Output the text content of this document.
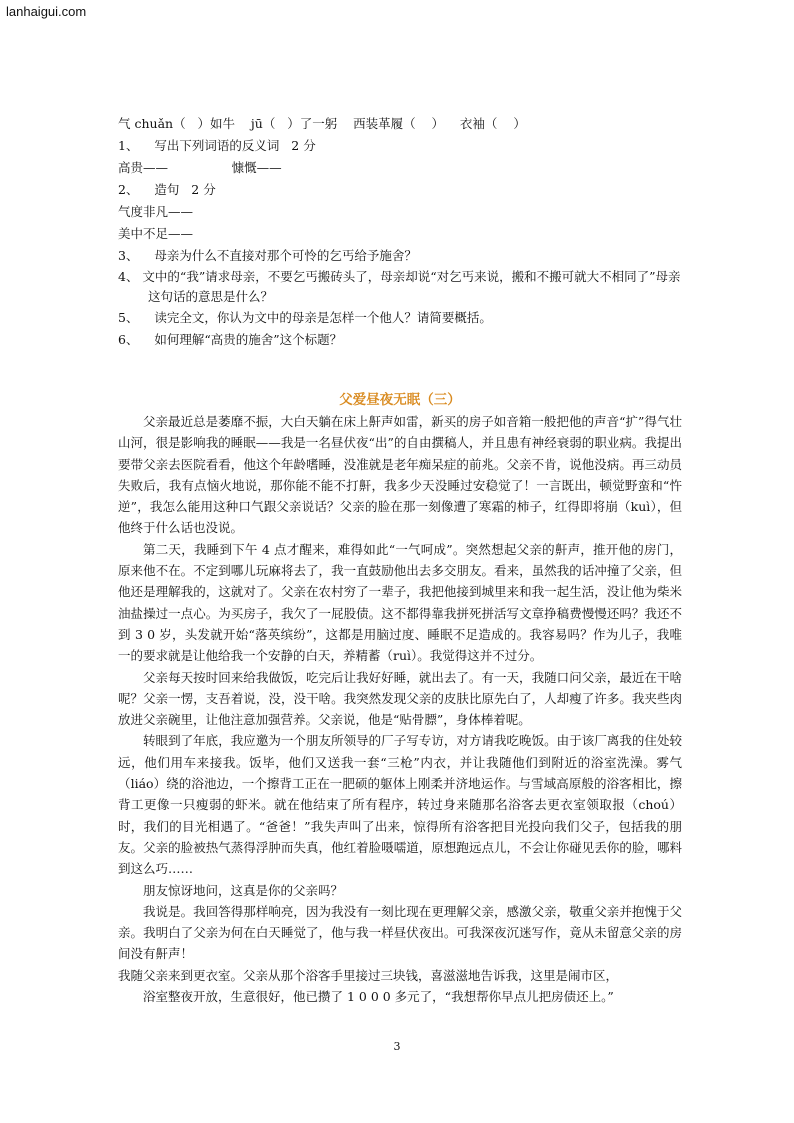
lanhaigui.com
气 chuǎn（   ）如牛    jū（   ）了一躬    西装革履（    ）    衣袖（    ）
1、    写出下列词语的反义词   2 分
高贵——                慷慨——
2、    造句   2 分
气度非凡——
美中不足——
3、    母亲为什么不直接对那个可怜的乞丐给予施舍？
4、 文中的“我”请求母亲，不要乞丐搬砖头了，母亲却说“对乞丐来说，搬和不搬可就大不相同了”母亲这句话的意思是什么？
5、    读完全文，你认为文中的母亲是怎样一个他人？请简要概括。
6、    如何理解“高贵的施舍”这个标题？
父爱昼夜无眠（三）

父亲最近总是萎靡不振，大白天躺在床上鼾声如雷，新买的房子如音箱一般把他的声音“扩”得气壮山河，很是影响我的睡眠——我是一名昼伏夜“出”的自由撰稿人，并且患有神经衰弱的职业病。我提出要带父亲去医院看看，他这个年龄嗜睡，没准就是老年痴呆症的前兆。父亲不肯，说他没病。再三动员失败后，我有点恼火地说，那你能不能不打鼾，我多少天没睡过安稳觉了！一言既出，顿觉野蛮和“忤逆”，我怎么能用这种口气跟父亲说话？父亲的脸在那一刻像遭了寒霜的柿子，红得即将崩（kuì），但他终于什么话也没说。

第二天，我睡到下午 4 点才醒来，难得如此“一气呵成”。突然想起父亲的鼾声，推开他的房门，原来他不在。不定到哪儿玩麻将去了，我一直鼓励他出去多交朋友。看来，虽然我的话冲撞了父亲，但他还是理解我的，这就对了。父亲在农村穷了一辈子，我把他接到城里来和我一起生活，没让他为柴米油盐操过一点心。为买房子，我欠了一屁股债。这不都得靠我拼死拼活写文章挣稿费慢慢还吗？我还不到 3 0 岁，头发就开始“落英缤纷”，这都是用脑过度、睡眠不足造成的。我容易吗？作为儿子，我唯一的要求就是让他给我一个安静的白天，养精蓄（ruì）。我觉得这并不过分。

父亲每天按时回来给我做饭，吃完后让我好好睡，就出去了。有一天，我随口问父亲，最近在干啥呢？父亲一愣，支吾着说，没，没干啥。我突然发现父亲的皮肤比原先白了，人却瘦了许多。我夹些肉放进父亲碗里，让他注意加强营养。父亲说，他是“贴骨膘”，身体棒着呢。

转眼到了年底，我应邀为一个朋友所领导的厂子写专访，对方请我吃晚饭。由于该厂离我的住处较远，他们用车来接我。饭毕，他们又送我一套“三枪”内衣，并让我随他们到附近的浴室洗澡。雾气（liáo）绕的浴池边，一个擦背工正在一肥硕的躯体上刚柔并济地运作。与雪域高原般的浴客相比，擦背工更像一只瘦弱的虾米。就在他结束了所有程序，转过身来随那名浴客去更衣室领取报（choú）时，我们的目光相遇了。“爸爸！”我失声叫了出来，惊得所有浴客把目光投向我们父子，包括我的朋友。父亲的脸被热气蒸得浮肿而失真，他红着脸嗫嚅道，原想跑远点儿，不会让你碰见丢你的脸，哪料到这么巧……

朋友惊讶地问，这真是你的父亲吗？

我说是。我回答得那样响亮，因为我没有一刻比现在更理解父亲，感激父亲，敬重父亲并抱愧于父亲。我明白了父亲为何在白天睡觉了，他与我一样昼伏夜出。可我深夜沉迷写作，竟从未留意父亲的房间没有鼾声！

我随父亲来到更衣室。父亲从那个浴客手里接过三块钱，喜滋滋地告诉我，这里是闹市区，

浴室整夜开放，生意很好，他已攒了 1 0 0 0 多元了，“我想帮你早点儿把房债还上。”

3
